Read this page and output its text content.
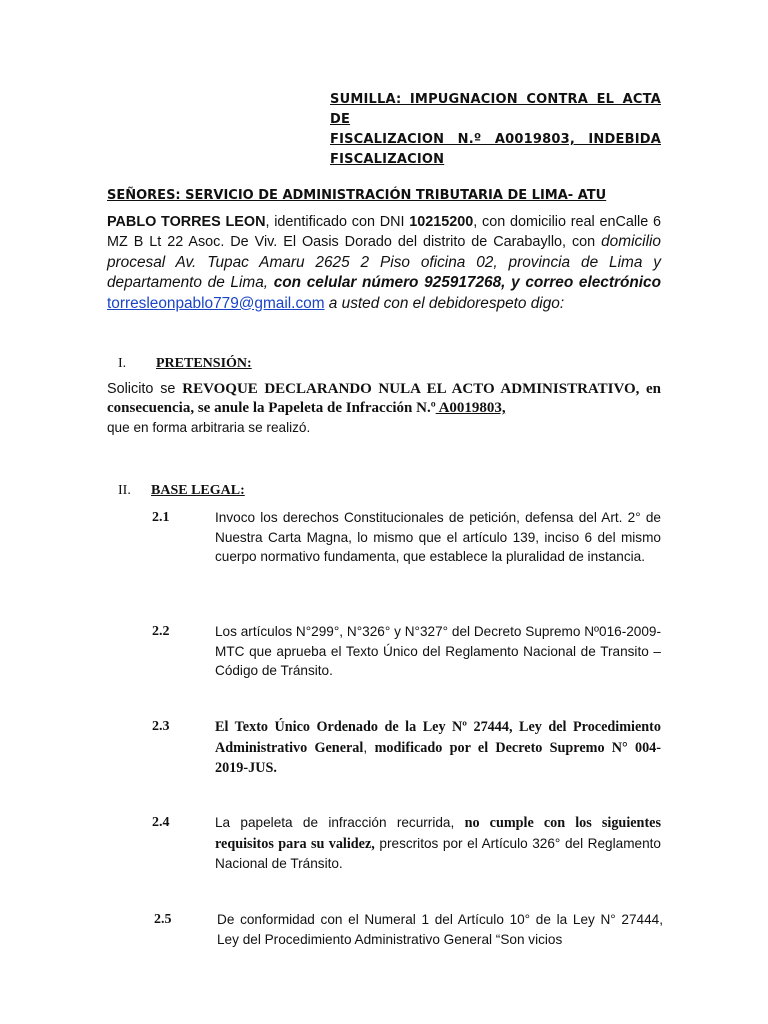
SUMILLA: IMPUGNACION CONTRA EL ACTA DE
FISCALIZACION N.º A0019803, INDEBIDA
FISCALIZACION
SEÑORES: SERVICIO DE ADMINISTRACIÓN TRIBUTARIA DE LIMA- ATU
PABLO TORRES LEON, identificado con DNI 10215200, con domicilio real enCalle 6 MZ B Lt 22 Asoc. De Viv. El Oasis Dorado del distrito de Carabayllo, con domicilio procesal Av. Tupac Amaru 2625 2 Piso oficina 02, provincia de Lima y departamento de Lima, con celular número 925917268, y correo electrónico torresleonpablo779@gmail.com a usted con el debidorespeto digo:
I. PRETENSIÓN:
Solicito se REVOQUE DECLARANDO NULA EL ACTO ADMINISTRATIVO, en consecuencia, se anule la Papeleta de Infracción N.º A0019803,
que en forma arbitraria se realizó.
II. BASE LEGAL:
2.1	Invoco los derechos Constitucionales de petición, defensa del Art. 2° de Nuestra Carta Magna, lo mismo que el artículo 139, inciso 6 del mismo cuerpo normativo fundamenta, que establece la pluralidad de instancia.
2.2	Los artículos N°299°, N°326° y N°327° del Decreto Supremo Nº016-2009-MTC que aprueba el Texto Único del Reglamento Nacional de Transito – Código de Tránsito.
2.3	El Texto Único Ordenado de la Ley Nº 27444, Ley del Procedimiento Administrativo General, modificado por el Decreto Supremo N° 004-2019-JUS.
2.4	La papeleta de infracción recurrida, no cumple con los siguientes requisitos para su validez, prescritos por el Artículo 326° del Reglamento Nacional de Tránsito.
2.5	De conformidad con el Numeral 1 del Artículo 10° de la Ley N° 27444, Ley del Procedimiento Administrativo General “Son vicios
